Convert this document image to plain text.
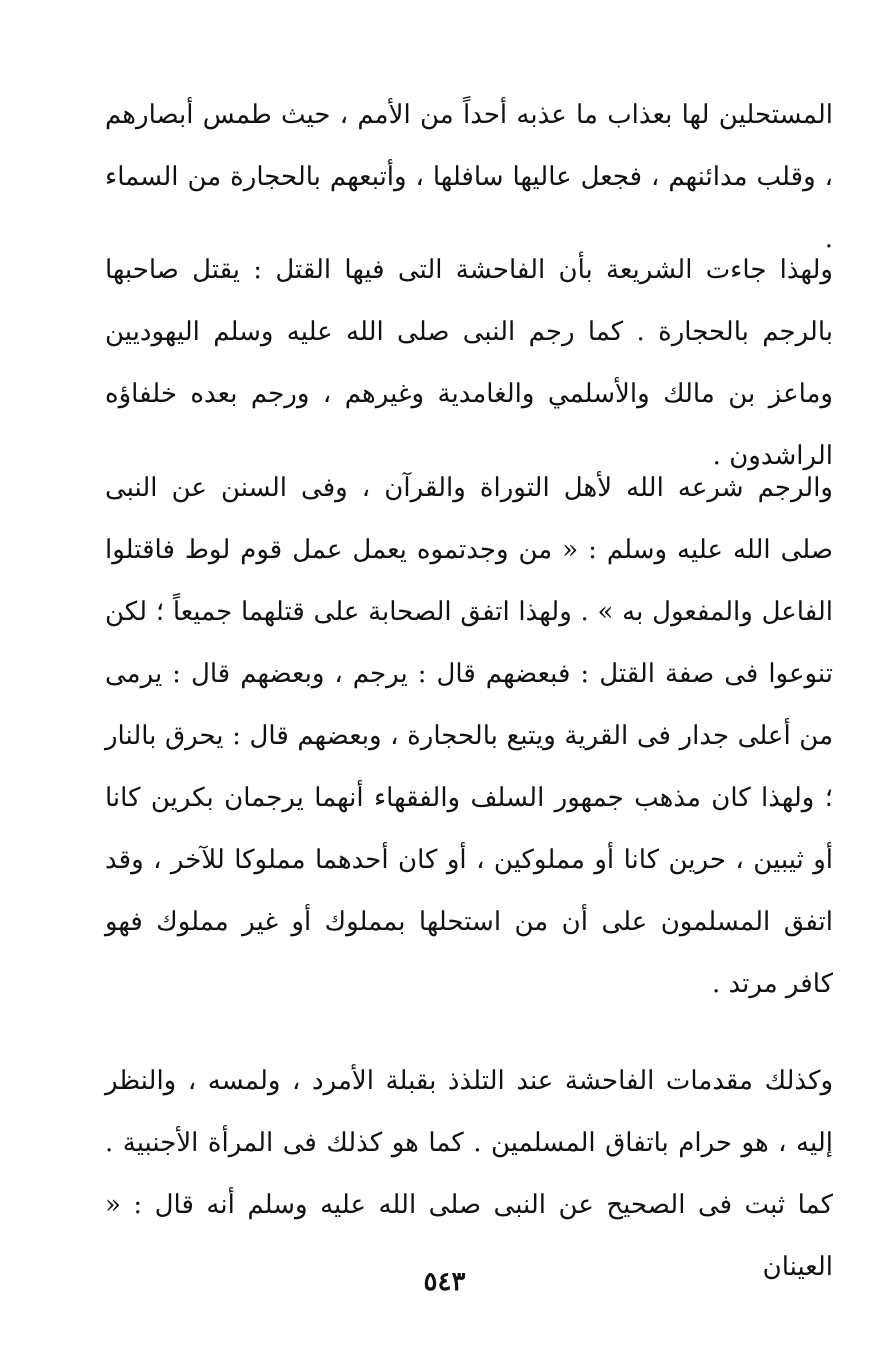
المستحلين لها بعذاب ما عذبه أحداً من الأمم ، حيث طمس أبصارهم ، وقلب مدائنهم ، فجعل عاليها سافلها ، وأتبعهم بالحجارة من السماء .

ولهذا جاءت الشريعة بأن الفاحشة التى فيها القتل : يقتل صاحبها بالرجم بالحجارة . كما رجم النبى صلى الله عليه وسلم اليهوديين وماعز بن مالك والأسلمي والغامدية وغيرهم ، ورجم بعده خلفاؤه الراشدون .

والرجم شرعه الله لأهل التوراة والقرآن ، وفى السنن عن النبى صلى الله عليه وسلم : « من وجدتموه يعمل عمل قوم لوط فاقتلوا الفاعل والمفعول به » . ولهذا اتفق الصحابة على قتلهما جميعاً ؛ لكن تنوعوا فى صفة القتل : فبعضهم قال : يرجم ، وبعضهم قال : يرمى من أعلى جدار فى القرية ويتبع بالحجارة ، وبعضهم قال : يحرق بالنار ؛ ولهذا كان مذهب جمهور السلف والفقهاء أنهما يرجمان بكرين كانا أو ثيبين ، حرين كانا أو مملوكين ، أو كان أحدهما مملوكا للآخر ، وقد اتفق المسلمون على أن من استحلها بمملوك أو غير مملوك فهو كافر مرتد .

وكذلك مقدمات الفاحشة عند التلذذ بقبلة الأمرد ، ولمسه ، والنظر إليه ، هو حرام باتفاق المسلمين . كما هو كذلك فى المرأة الأجنبية . كما ثبت فى الصحيح عن النبى صلى الله عليه وسلم أنه قال : « العينان

٥٤٣
